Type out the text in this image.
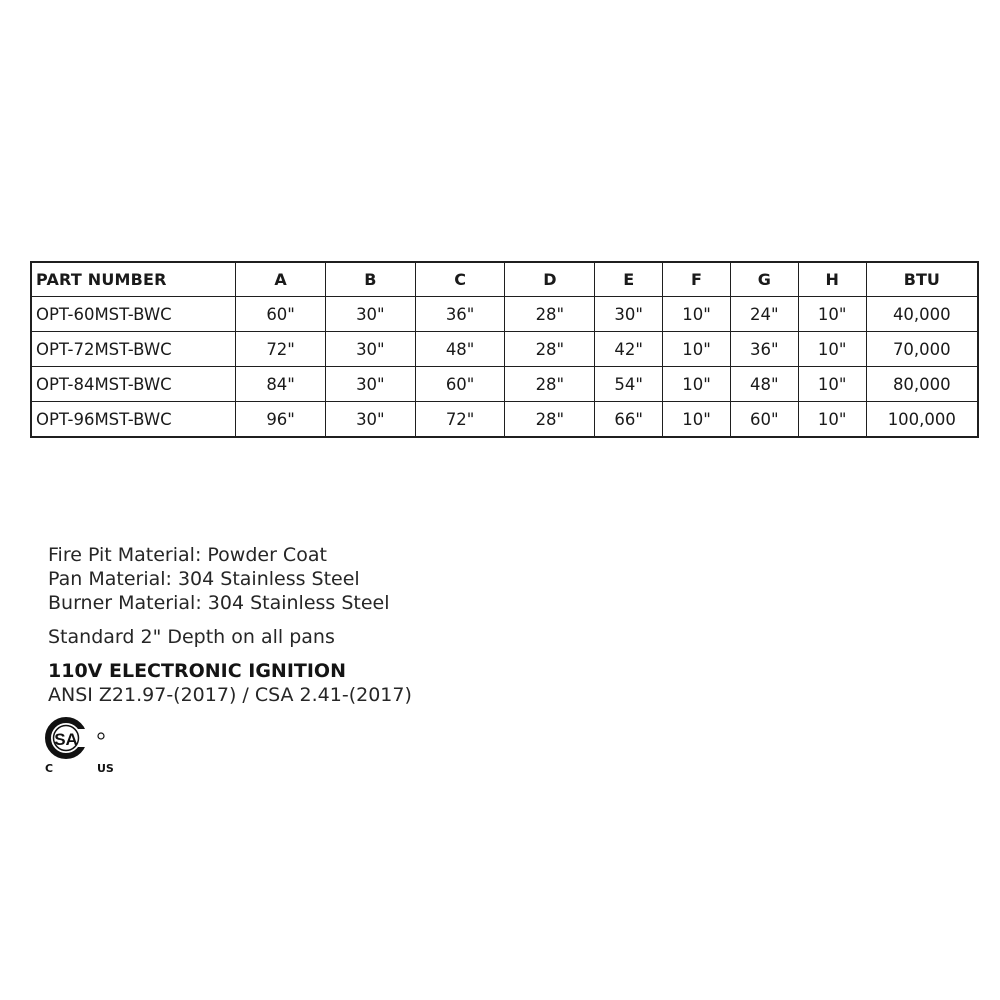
PART NUMBER	A	B	C	D	E	F	G	H	BTU
OPT-60MST-BWC	60"	30"	36"	28"	30"	10"	24"	10"	40,000
OPT-72MST-BWC	72"	30"	48"	28"	42"	10"	36"	10"	70,000
OPT-84MST-BWC	84"	30"	60"	28"	54"	10"	48"	10"	80,000
OPT-96MST-BWC	96"	30"	72"	28"	66"	10"	60"	10"	100,000
Fire Pit Material: Powder Coat
Pan Material: 304 Stainless Steel
Burner Material: 304 Stainless Steel
Standard 2" Depth on all pans
110V ELECTRONIC IGNITION
ANSI Z21.97-(2017) / CSA 2.41-(2017)
SA
C	US
